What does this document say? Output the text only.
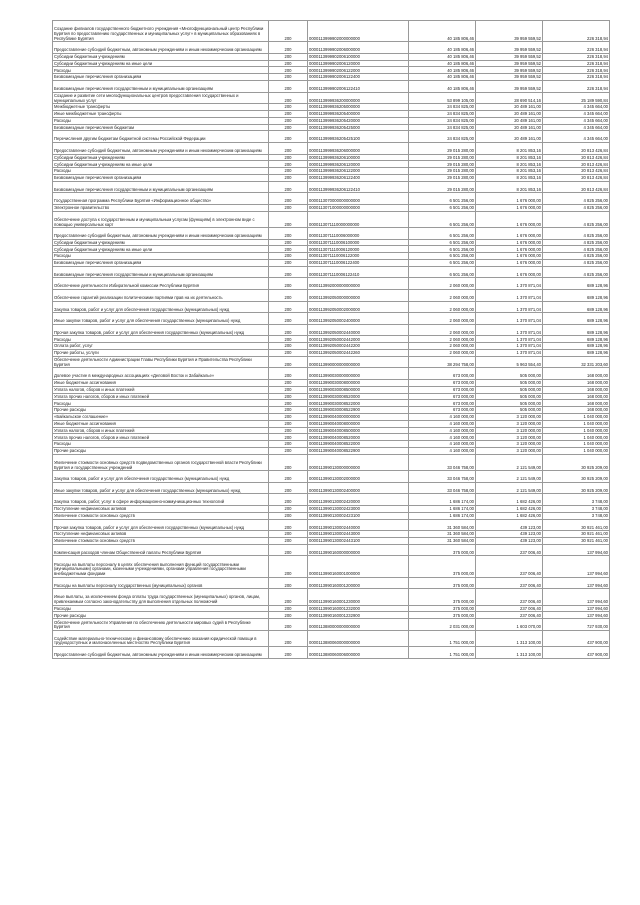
Создание филиалов государственного бюджетного учреждения «Многофункциональный центр Республики Бурятия по предоставлению государственных и муниципальных услуг» в муниципальных образованиях в Республике Бурятия	200	0000113999902000000000	40 185 806,46	39 959 559,52	226 318,94
Предоставление субсидий бюджетным, автономным учреждениям и иным некоммерческим организациям	200	0000113999902006000000	40 185 806,46	39 959 559,52	226 318,94
Субсидии бюджетным учреждениям	200	0000113999902006100000	40 185 806,46	39 959 559,52	226 318,94
Субсидии бюджетным учреждениям на иные цели	200	0000113999902006120000	40 185 806,46	39 959 559,52	226 318,94
Расходы	200	0000113999902006122000	40 185 806,46	39 959 559,52	226 318,94
Безвозмездные перечисления организациям	200	0000113999902006122400	40 185 806,46	39 959 559,52	226 318,94
Безвозмездные перечисления государственным и муниципальным организациям	200	0000113999902006122410	40 185 806,46	39 959 559,52	226 318,94
Создание и развитие сети многофункциональных центров предоставления государственных и муниципальных услуг	200	0000113999936200000000	53 899 105,00	28 690 514,16	25 189 590,84
Межбюджетные трансферты	200	0000113999936205000000	24 834 825,00	20 489 161,00	4 345 664,00
Иные межбюджетные трансферты	200	0000113999936205400000	24 834 825,00	20 489 161,00	4 345 664,00
Расходы	200	0000113999936205420000	24 834 825,00	20 489 161,00	4 345 664,00
Безвозмездные перечисления бюджетам	200	0000113999936205425000	24 834 825,00	20 489 161,00	4 345 664,00
Перечисления другим бюджетам бюджетной системы Российской Федерации	200	0000113999936205425100	24 834 825,00	20 489 161,00	4 345 664,00
Предоставление субсидий бюджетным, автономным учреждениям и иным некоммерческим организациям	200	0000113999936206000000	29 015 280,00	8 201 853,16	20 813 426,84
Субсидии бюджетным учреждениям	200	0000113999936206100000	29 015 280,00	8 201 853,16	20 813 426,84
Субсидии бюджетным учреждениям на иные цели	200	0000113999936206120000	29 015 280,00	8 201 853,16	20 813 426,84
Расходы	200	0000113999936206122000	29 015 280,00	8 201 853,16	20 813 426,84
Безвозмездные перечисления организациям	200	0000113999936206122400	29 015 280,00	8 201 853,16	20 813 426,84
Безвозмездные перечисления государственным и муниципальным организациям	200	0000113999936206122410	29 015 280,00	8 201 853,16	20 813 426,84
Государственная программа Республики Бурятия «Информационное общество»	200	0000113070000000000000	6 501 256,00	1 676 000,00	4 825 256,00
Электронное правительство	200	0000113071000000000000	6 501 256,00	1 676 000,00	4 825 256,00
Обеспечение доступа к государственным и муниципальным услугам (функциям) в электронном виде с помощью универсальных карт	200	0000113071110000000000	6 501 256,00	1 676 000,00	4 825 256,00
Предоставление субсидий бюджетным, автономным учреждениям и иным некоммерческим организациям	200	0000113071110006000000	6 501 256,00	1 676 000,00	4 825 256,00
Субсидии бюджетным учреждениям	200	0000113071110006100000	6 501 256,00	1 676 000,00	4 825 256,00
Субсидии бюджетным учреждениям на иные цели	200	0000113071110006120000	6 501 256,00	1 676 000,00	4 825 256,00
Расходы	200	0000113071110006122000	6 501 256,00	1 676 000,00	4 825 256,00
Безвозмездные перечисления организациям	200	0000113071110006122400	6 501 256,00	1 676 000,00	4 825 256,00
Безвозмездные перечисления государственным и муниципальным организациям	200	0000113071110006122410	6 501 256,00	1 676 000,00	4 825 256,00
Обеспечение деятельности Избирательной комиссии Республики Бурятия	200	0000113992000000000000	2 060 000,00	1 370 871,04	689 128,96
Обеспечение гарантий реализации политическими партиями прав на их деятельность	200	0000113992050000000000	2 060 000,00	1 370 871,04	689 128,96
Закупка товаров, работ и услуг для обеспечения государственных (муниципальных) нужд	200	0000113992050002000000	2 060 000,00	1 370 871,04	689 128,96
Иные закупки товаров, работ и услуг для обеспечения государственных (муниципальных) нужд	200	0000113992050002400000	2 060 000,00	1 370 871,04	689 128,96
Прочая закупка товаров, работ и услуг для обеспечения государственных (муниципальных) нужд	200	0000113992050002440000	2 060 000,00	1 370 871,04	689 128,96
Расходы	200	0000113992050002442000	2 060 000,00	1 370 871,04	689 128,96
Оплата работ, услуг	200	0000113992050002442200	2 060 000,00	1 370 871,04	689 128,96
Прочие работы, услуги	200	0000113992050002442260	2 060 000,00	1 370 871,04	689 128,96
Обеспечение деятельности Администрации Главы Республики Бурятия и Правительства Республики Бурятия	200	0000113990000000000000	38 294 758,00	5 963 554,40	32 331 203,60
Долевое участие в международных ассоциациях «Деловой Восток и Забайкалье»	200	0000113990030000000000	673 000,00	505 000,00	168 000,00
Иные бюджетные ассигнования	200	0000113990030008000000	673 000,00	505 000,00	168 000,00
Уплата налогов, сборов и иных платежей	200	0000113990030008500000	673 000,00	505 000,00	168 000,00
Уплата прочих налогов, сборов и иных платежей	200	0000113990030008520000	673 000,00	505 000,00	168 000,00
Расходы	200	0000113990030008522000	673 000,00	505 000,00	168 000,00
Прочие расходы	200	0000113990030008522900	673 000,00	505 000,00	168 000,00
«Байкальское соглашение»	200	0000113990040000000000	4 160 000,00	3 120 000,00	1 040 000,00
Иные бюджетные ассигнования	200	0000113990040008000000	4 160 000,00	3 120 000,00	1 040 000,00
Уплата налогов, сборов и иных платежей	200	0000113990040008500000	4 160 000,00	3 120 000,00	1 040 000,00
Уплата прочих налогов, сборов и иных платежей	200	0000113990040008520000	4 160 000,00	3 120 000,00	1 040 000,00
Расходы	200	0000113990040008522000	4 160 000,00	3 120 000,00	1 040 000,00
Прочие расходы	200	0000113990040008522900	4 160 000,00	3 120 000,00	1 040 000,00
Увеличение стоимости основных средств подведомственных органов государственной власти Республики Бурятия и государственных учреждений	200	0000113990130000000000	33 046 758,00	2 121 549,00	30 925 209,00
Закупка товаров, работ и услуг для обеспечения государственных (муниципальных) нужд	200	0000113990130002000000	33 046 758,00	2 121 549,00	30 925 209,00
Иные закупки товаров, работ и услуг для обеспечения государственных (муниципальных) нужд	200	0000113990130002400000	33 046 758,00	2 121 549,00	30 925 209,00
Закупка товаров, работ, услуг в сфере информационно-коммуникационных технологий	200	0000113990130002420000	1 686 174,00	1 682 426,00	3 748,00
Поступление нефинансовых активов	200	0000113990130002423000	1 686 174,00	1 682 426,00	3 748,00
Увеличение стоимости основных средств	200	0000113990130002423100	1 686 174,00	1 682 426,00	3 748,00
Прочая закупка товаров, работ и услуг для обеспечения государственных (муниципальных) нужд	200	0000113990130002440000	31 360 584,00	439 123,00	30 921 461,00
Поступление нефинансовых активов	200	0000113990130002443000	31 360 584,00	439 123,00	30 921 461,00
Увеличение стоимости основных средств	200	0000113990130002443100	31 360 584,00	439 123,00	30 921 461,00
Компенсация расходов членам Общественной палаты Республики Бурятия	200	0000113990160000000000	375 000,00	237 006,40	137 994,60
Расходы на выплаты персоналу в целях обеспечения выполнения функций государственными (муниципальными) органами, казенными учреждениями, органами управления государственными внебюджетными фондами	200	0000113990160001000000	375 000,00	237 006,40	137 994,60
Расходы на выплаты персоналу государственных (муниципальных) органов	200	0000113990160001200000	375 000,00	237 006,40	137 994,60
Иные выплаты, за исключением фонда оплаты труда государственных (муниципальных) органов, лицам, привлекаемым согласно законодательству для выполнения отдельных полномочий	200	0000113990160001230000	375 000,00	237 006,40	137 994,60
Расходы	200	0000113990160001232000	375 000,00	237 006,40	137 994,60
Прочие расходы	200	0000113990160001232900	375 000,00	237 006,40	137 994,60
Обеспечение деятельности Управления по обеспечению деятельности мировых судей в Республике Бурятия	200	0000113880000000000000	2 031 000,00	1 603 070,00	727 930,00
Содействие материально-техническому и финансовому обеспечению оказания юридической помощи в труднодоступных и малонаселенных местностях Республики Бурятия	200	0000113880060000000000	1 751 000,00	1 313 100,00	437 900,00
Предоставление субсидий бюджетным, автономным учреждениям и иным некоммерческим организациям	200	0000113880060006000000	1 751 000,00	1 313 100,00	437 900,00
